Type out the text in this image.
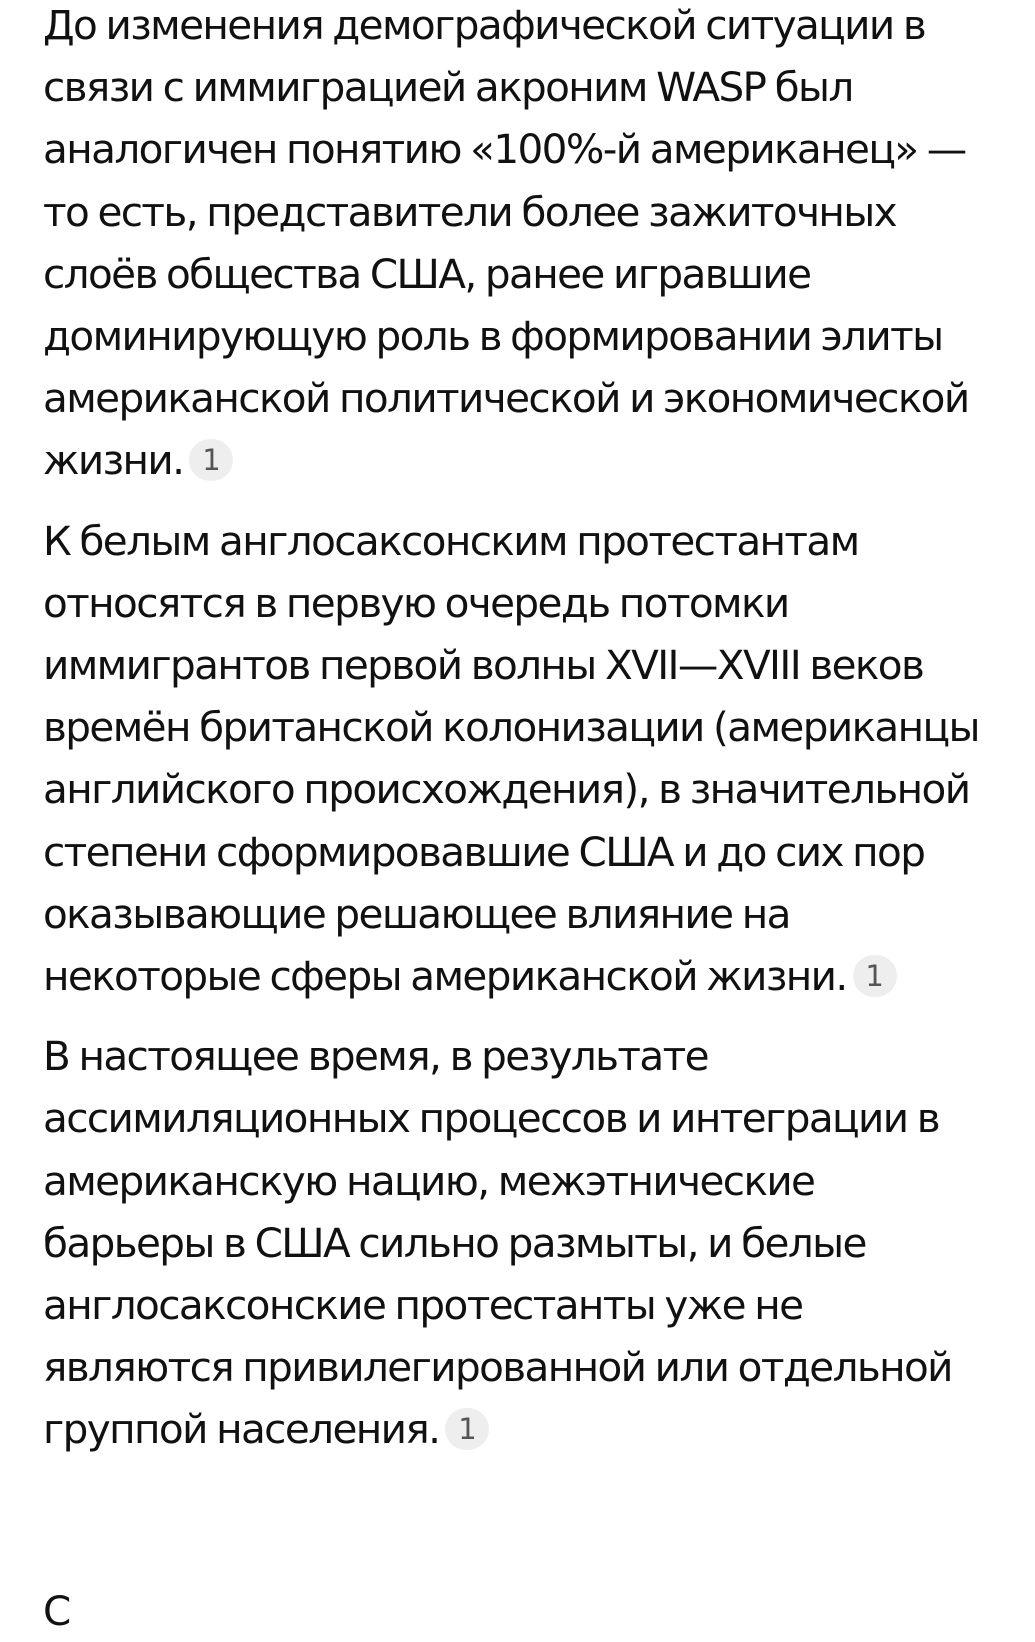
До изменения демографической ситуации в связи с иммиграцией акроним WASP был аналогичен понятию «100%-й американец» — то есть, представители более зажиточных слоёв общества США, ранее игравшие доминирующую роль в формировании элиты американской политической и экономической жизни. 1

К белым англосаксонским протестантам относятся в первую очередь потомки иммигрантов первой волны XVII—XVIII веков времён британской колонизации (американцы английского происхождения), в значительной степени сформировавшие США и до сих пор оказывающие решающее влияние на некоторые сферы американской жизни. 1

В настоящее время, в результате ассимиляционных процессов и интеграции в американскую нацию, межэтнические барьеры в США сильно размыты, и белые англосаксонские протестанты уже не являются привилегированной или отдельной группой населения. 1

С
